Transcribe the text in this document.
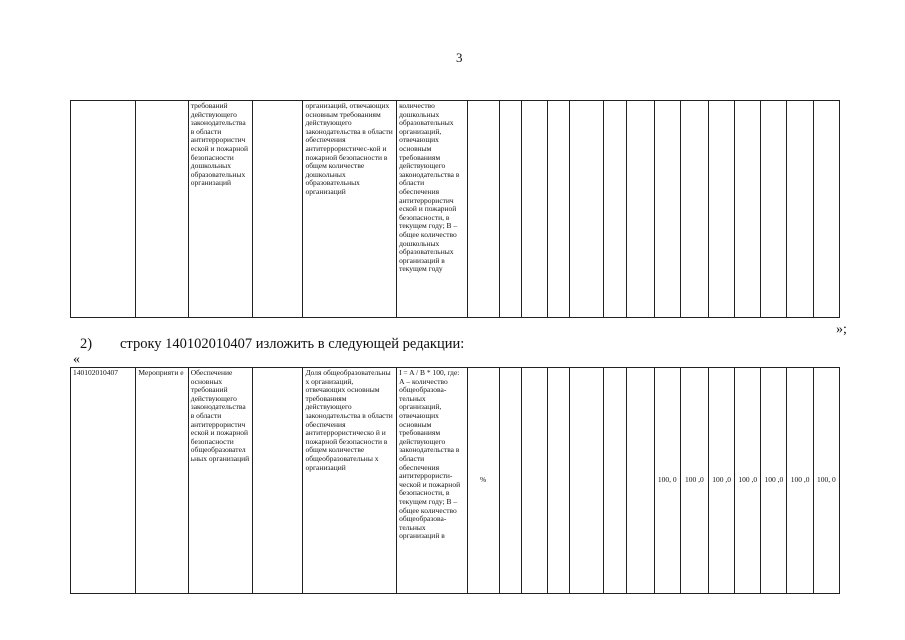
3
		требований действующего законодательства в области антитеррористич еской и пожарной безопасности дошкольных образовательных организаций		организаций, отвечающих основным требованиям действующего законодательства в области обеспечения антитеррористичес-кой и пожарной безопасности в общем количестве дошкольных образовательных организаций	количество дошкольных образовательных организаций, отвечающих основным требованиям действующего законодательства в области обеспечения антитеррористич еской и пожарной безопасности, в текущем году; В – общее количество дошкольных образовательных организаций в текущем году														
»;
2) строку 140102010407 изложить в следующей редакции:
«
140102010407	Мероприяти е	Обеспечение основных требований действующего законодательства в области антитеррористич еской и пожарной безопасности общеобразовател ьных организаций		Доля общеобразовательны х организаций, отвечающих основным требованиям действующего законодательства в области обеспечения антитеррористическо й и пожарной безопасности в общем количестве общеобразовательны х организаций	I = A / B * 100, где: А – количество общеобразова-тельных организаций, отвечающих основным требованиям действующего законодательства в области обеспечения антитеррористи-ческой и пожарной безопасности, в текущем году; В – общее количество общеобразова-тельных организаций в	%							100, 0	100 ,0	100 ,0	100 ,0	100 ,0	100 ,0	100, 0
